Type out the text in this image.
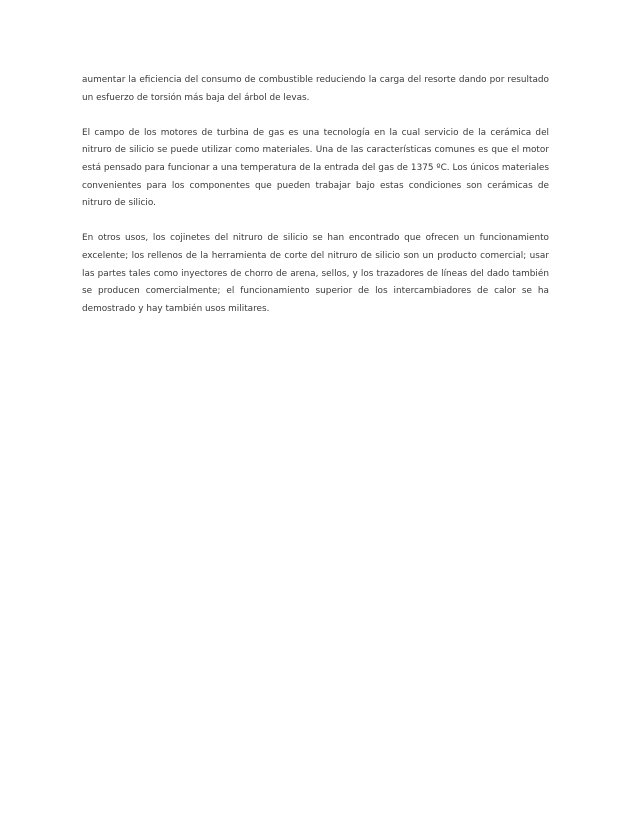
aumentar la eficiencia del consumo de combustible reduciendo la carga del resorte dando por resultado un esfuerzo de torsión más baja del árbol de levas.

El campo de los motores de turbina de gas es una tecnología en la cual servicio de la cerámica del nitruro de silicio se puede utilizar como materiales. Una de las características comunes es que el motor está pensado para funcionar a una temperatura de la entrada del gas de 1375 ºC. Los únicos materiales convenientes para los componentes que pueden trabajar bajo estas condiciones son cerámicas de nitruro de silicio.

En otros usos, los cojinetes del nitruro de silicio se han encontrado que ofrecen un funcionamiento excelente; los rellenos de la herramienta de corte del nitruro de silicio son un producto comercial; usar las partes tales como inyectores de chorro de arena, sellos, y los trazadores de líneas del dado también se producen comercialmente; el funcionamiento superior de los intercambiadores de calor se ha demostrado y hay también usos militares.
